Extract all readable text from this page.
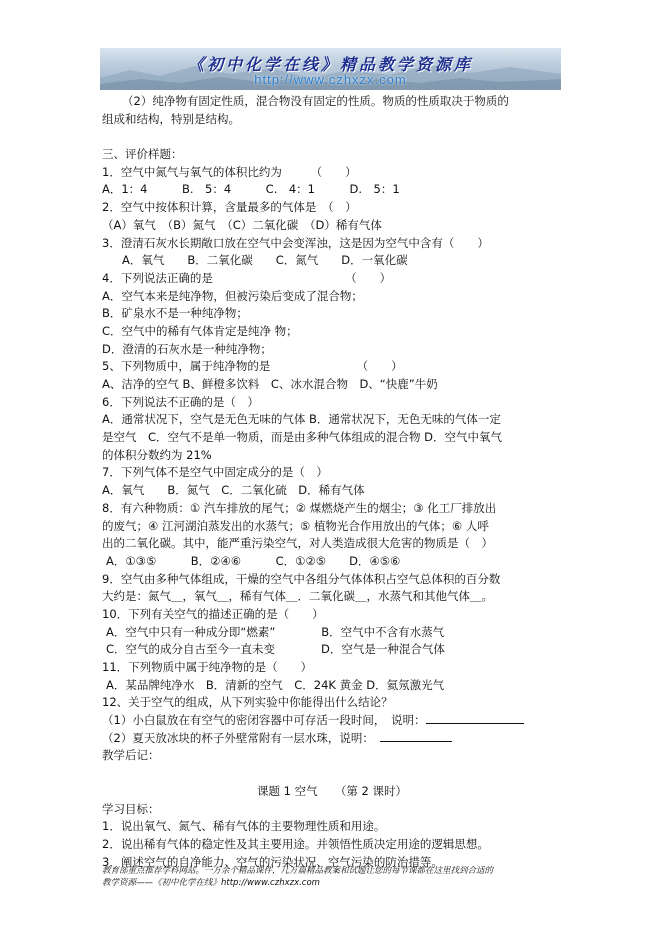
《初中化学在线》精品教学资源库
http://www.czhxzx.com
（2）纯净物有固定性质，混合物没有固定的性质。物质的性质取决于物质的
组成和结构，特别是结构。
三、评价样题：
1．空气中氮气与氧气的体积比约为　　　（　　）
A．1：4　　　B.　5：4　　　C.　4：1　　　D.　5：1
2．空气中按体积计算，含量最多的气体是　（　）
（A）氧气　（B）氮气　（C）二氧化碳　（D）稀有气体
3．澄清石灰水长期敞口放在空气中会变浑浊，这是因为空气中含有（　　）
A．氧气　　B．二氧化碳　　C．氮气　　D．一氧化碳
4．下列说法正确的是　　　　　　　　　　　　（　　）
A．空气本来是纯净物，但被污染后变成了混合物；
B．矿泉水不是一种纯净物；
C．空气中的稀有气体肯定是纯净 物；
D．澄清的石灰水是一种纯净物；
5、下列物质中，属于纯净物的是　　　　　　　　（　　）
A、洁净的空气 B、鲜橙多饮料　C、冰水混合物　D、“快鹿”牛奶
6．下列说法不正确的是（　）
A．通常状况下，空气是无色无味的气体 B．通常状况下，无色无味的气体一定
是空气　C．空气不是单一物质，而是由多种气体组成的混合物 D．空气中氧气
的体积分数约为 21%
7．下列气体不是空气中固定成分的是（　）
A．氧气　　B．氮气　C．二氧化硫　D．稀有气体
8．有六种物质：① 汽车排放的尾气；② 煤燃烧产生的烟尘；③ 化工厂排放出
的废气；④ 江河湖泊蒸发出的水蒸气；⑤ 植物光合作用放出的气体；⑥ 人呼
出的二氧化碳。其中，能严重污染空气，对人类造成很大危害的物质是（　）
A．①③⑤　　　B．②④⑥　　　C．①②⑤　　D．④⑤⑥
9．空气由多种气体组成，干燥的空气中各组分气体体积占空气总体积的百分数
大约是：氮气＿，氧气＿，稀有气体＿．二氧化碳＿，水蒸气和其他气体＿。
10．下列有关空气的描述正确的是（　　）
A．空气中只有一种成分即“燃素”　　　　B．空气中不含有水蒸气
C．空气的成分自古至今一直未变　　　　D．空气是一种混合气体
11．下列物质中属于纯净物的是（　　）
A．某品牌纯净水　B．清新的空气　C．24K 黄金 D．氦氖激光气
12、关于空气的组成，从下列实验中你能得出什么结论？
（1）小白鼠放在有空气的密闭容器中可存活一段时间，　说明：
（2）夏天放冰块的杯子外壁常附有一层水珠，说明：
教学后记：
课题 1 空气　　（第 2 课时）
学习目标：
1．说出氧气、氮气、稀有气体的主要物理性质和用途。
2．说出稀有气体的稳定性及其主要用途。并领悟性质决定用途的逻辑思想。
3．阐述空气的自净能力、空气的污染状况、空气污染的防治措等。
教育部重点推荐学科网站。一万余个精品课件，几万篇精品教案和试题让您的每节课都在这里找到合适的
教学资源——《初中化学在线》http://www.czhxzx.com
